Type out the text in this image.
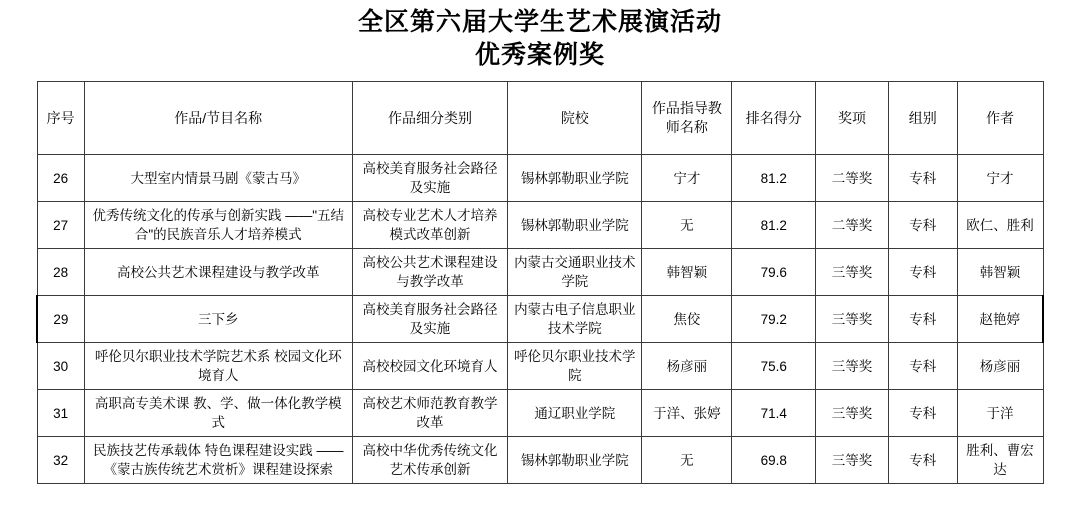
全区第六届大学生艺术展演活动
优秀案例奖
序号	作品/节目名称	作品细分类别	院校	作品指导教师名称	排名得分	奖项	组别	作者
26	大型室内情景马剧《蒙古马》	高校美育服务社会路径及实施	锡林郭勒职业学院	宁才	81.2	二等奖	专科	宁才
27	优秀传统文化的传承与创新实践 ——"五结合"的民族音乐人才培养模式	高校专业艺术人才培养模式改革创新	锡林郭勒职业学院	无	81.2	二等奖	专科	欧仁、胜利
28	高校公共艺术课程建设与教学改革	高校公共艺术课程建设与教学改革	内蒙古交通职业技术学院	韩智颖	79.6	三等奖	专科	韩智颖
29	三下乡	高校美育服务社会路径及实施	内蒙古电子信息职业技术学院	焦佼	79.2	三等奖	专科	赵艳婷
30	呼伦贝尔职业技术学院艺术系 校园文化环境育人	高校校园文化环境育人	呼伦贝尔职业技术学院	杨彦丽	75.6	三等奖	专科	杨彦丽
31	高职高专美术课 教、学、做一体化教学模式	高校艺术师范教育教学改革	通辽职业学院	于洋、张婷	71.4	三等奖	专科	于洋
32	民族技艺传承载体 特色课程建设实践 ——《蒙古族传统艺术赏析》课程建设探索	高校中华优秀传统文化艺术传承创新	锡林郭勒职业学院	无	69.8	三等奖	专科	胜利、曹宏达
